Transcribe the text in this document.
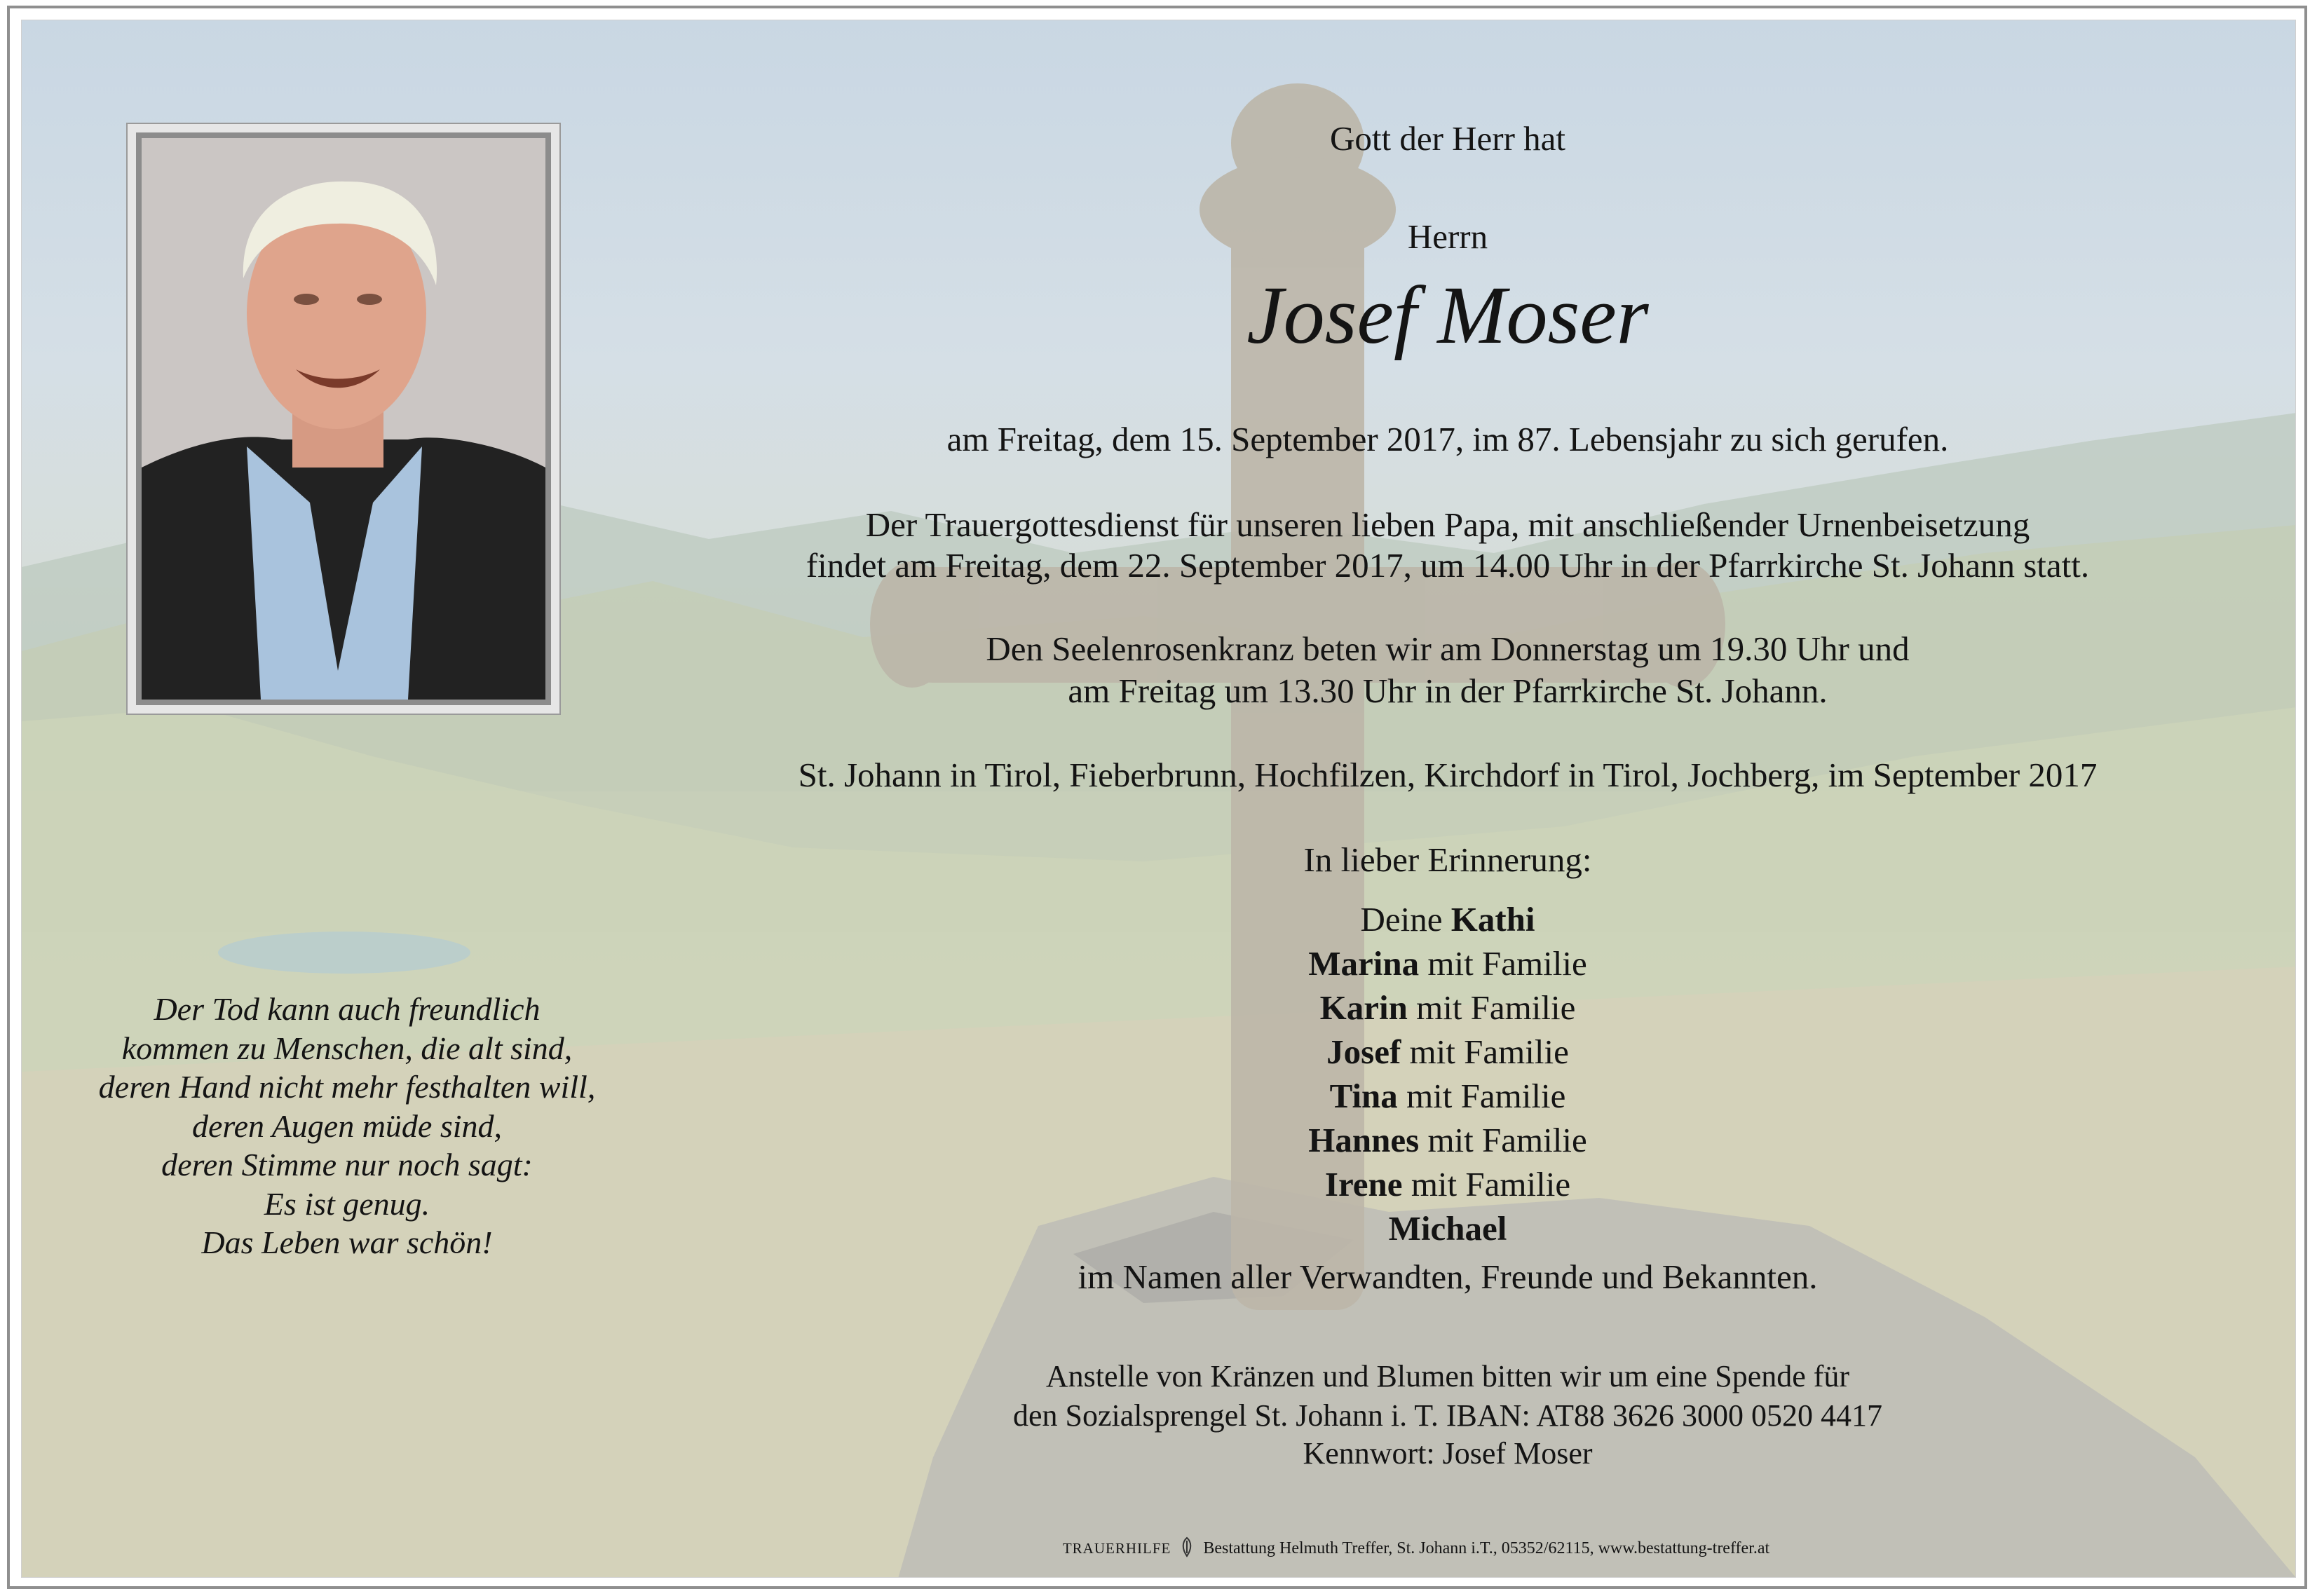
Gott der Herr hat
Herrn
Josef Moser
am Freitag, dem 15. September 2017, im 87. Lebensjahr zu sich gerufen.
Der Trauergottesdienst für unseren lieben Papa, mit anschließender Urnenbeisetzung
findet am Freitag, dem 22. September 2017, um 14.00 Uhr in der Pfarrkirche St. Johann statt.
Den Seelenrosenkranz beten wir am Donnerstag um 19.30 Uhr und
am Freitag um 13.30 Uhr in der Pfarrkirche St. Johann.
St. Johann in Tirol, Fieberbrunn, Hochfilzen, Kirchdorf in Tirol, Jochberg, im September 2017
In lieber Erinnerung:
Deine Kathi
Marina mit Familie
Karin mit Familie
Josef mit Familie
Tina mit Familie
Hannes mit Familie
Irene mit Familie
Michael
im Namen aller Verwandten, Freunde und Bekannten.
Anstelle von Kränzen und Blumen bitten wir um eine Spende für
den Sozialsprengel St. Johann i. T. IBAN: AT88 3626 3000 0520 4417
Kennwort: Josef Moser
Der Tod kann auch freundlich
kommen zu Menschen, die alt sind,
deren Hand nicht mehr festhalten will,
deren Augen müde sind,
deren Stimme nur noch sagt:
Es ist genug.
Das Leben war schön!
TRAUERHILFE Bestattung Helmuth Treffer, St. Johann i.T., 05352/62115, www.bestattung-treffer.at
